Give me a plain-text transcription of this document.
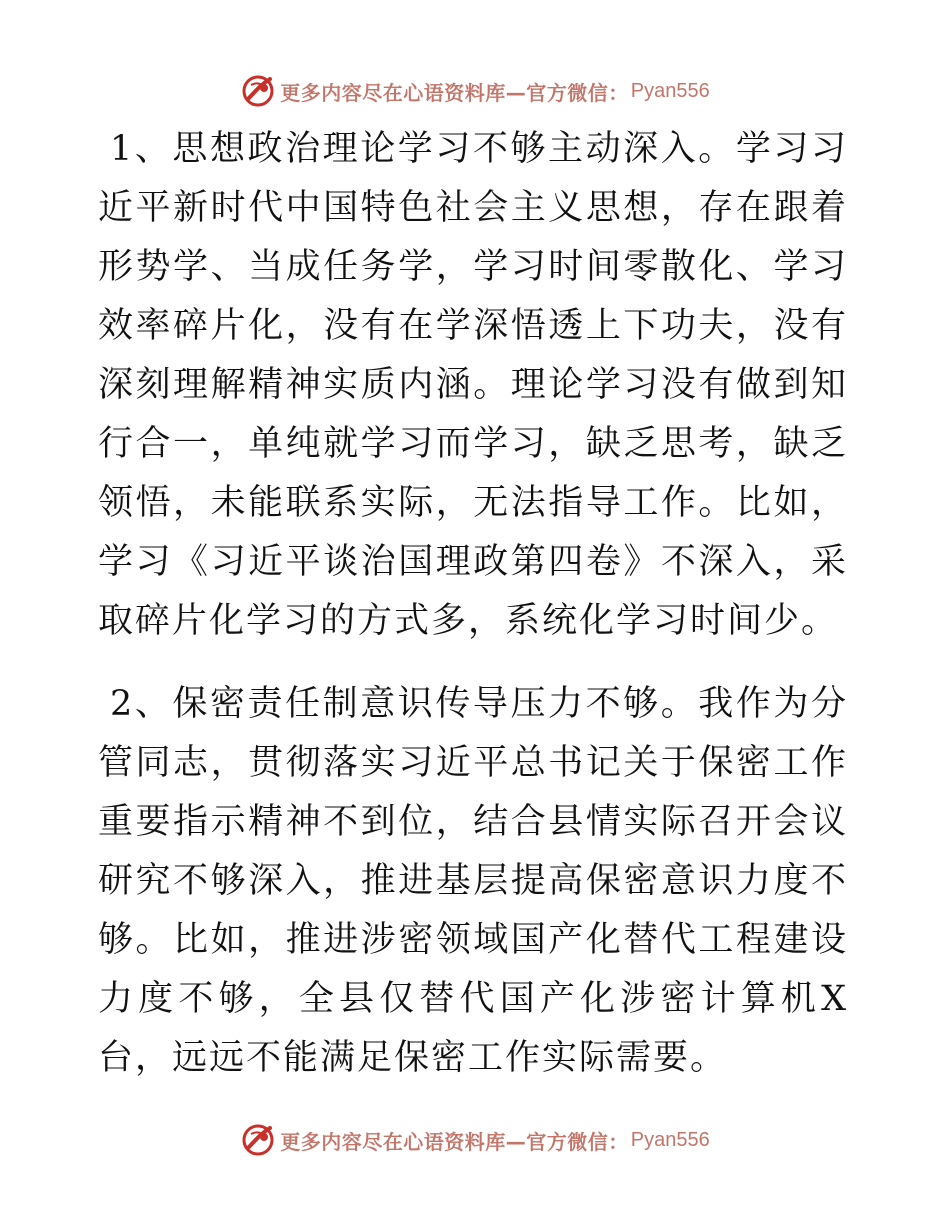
更多内容尽在心语资料库—官方微信： Pyan556

1、思想政治理论学习不够主动深入。学习习近平新时代中国特色社会主义思想，存在跟着形势学、当成任务学，学习时间零散化、学习效率碎片化，没有在学深悟透上下功夫，没有深刻理解精神实质内涵。理论学习没有做到知行合一，单纯就学习而学习，缺乏思考，缺乏领悟，未能联系实际，无法指导工作。比如，学习《习近平谈治国理政第四卷》不深入，采取碎片化学习的方式多，系统化学习时间少。

2、保密责任制意识传导压力不够。我作为分管同志，贯彻落实习近平总书记关于保密工作重要指示精神不到位，结合县情实际召开会议研究不够深入，推进基层提高保密意识力度不够。比如，推进涉密领域国产化替代工程建设力度不够，全县仅替代国产化涉密计算机X台，远远不能满足保密工作实际需要。

更多内容尽在心语资料库—官方微信： Pyan556
